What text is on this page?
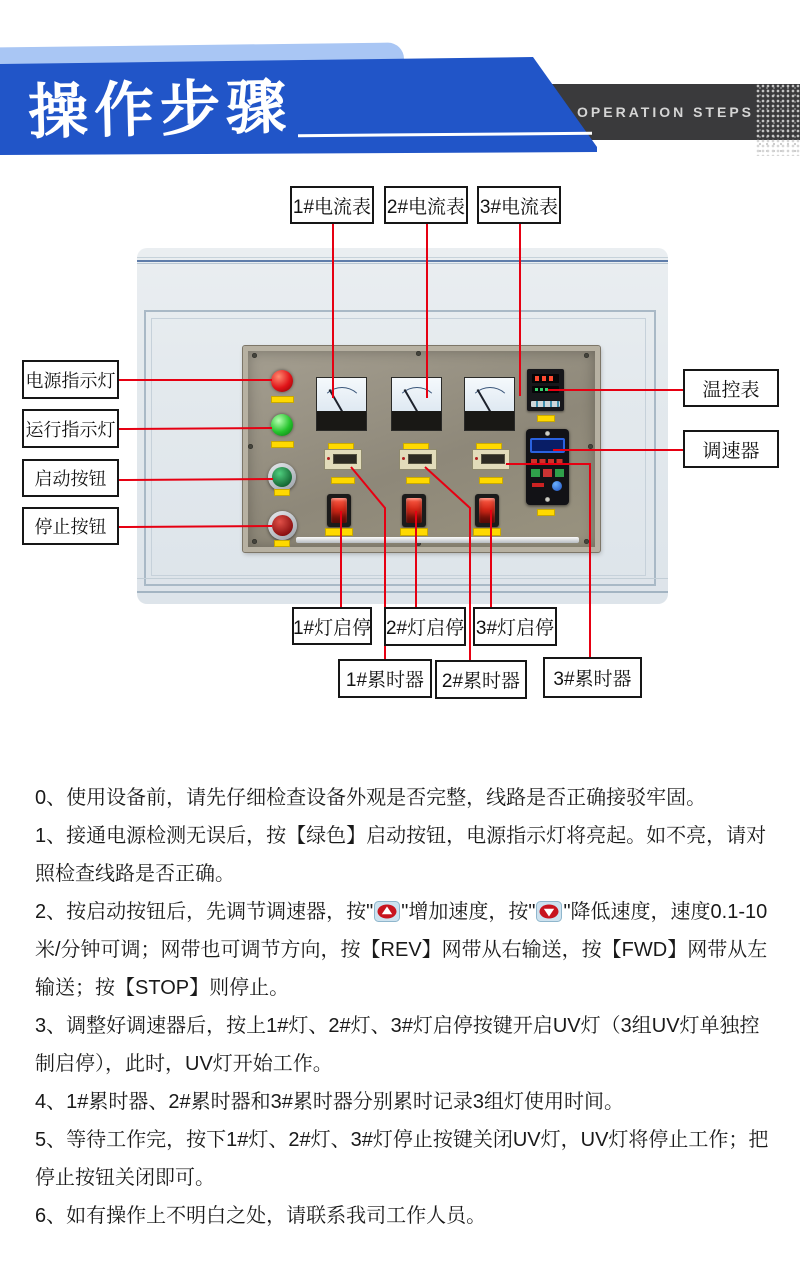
OPERATION STEPS
操作步骤
1#电流表 2#电流表 3#电流表
电源指示灯
运行指示灯
启动按钮
停止按钮
温控表
调速器
1#灯启停 2#灯启停 3#灯启停
1#累时器 2#累时器	3#累时器

0、使用设备前，请先仔细检查设备外观是否完整，线路是否正确接驳牢固。

1、接通电源检测无误后，按【绿色】启动按钮，电源指示灯将亮起。如不亮，请对照检查线路是否正确。

2、按启动按钮后，先调节调速器，按" "增加速度，按" "降低速度，速度0.1-10米/分钟可调；网带也可调节方向，按【REV】网带从右输送，按【FWD】网带从左输送；按【STOP】则停止。

3、调整好调速器后，按上1#灯、2#灯、3#灯启停按键开启UV灯（3组UV灯单独控制启停），此时，UV灯开始工作。

4、1#累时器、2#累时器和3#累时器分别累时记录3组灯使用时间。

5、等待工作完，按下1#灯、2#灯、3#灯停止按键关闭UV灯，UV灯将停止工作；把停止按钮关闭即可。

6、如有操作上不明白之处，请联系我司工作人员。
